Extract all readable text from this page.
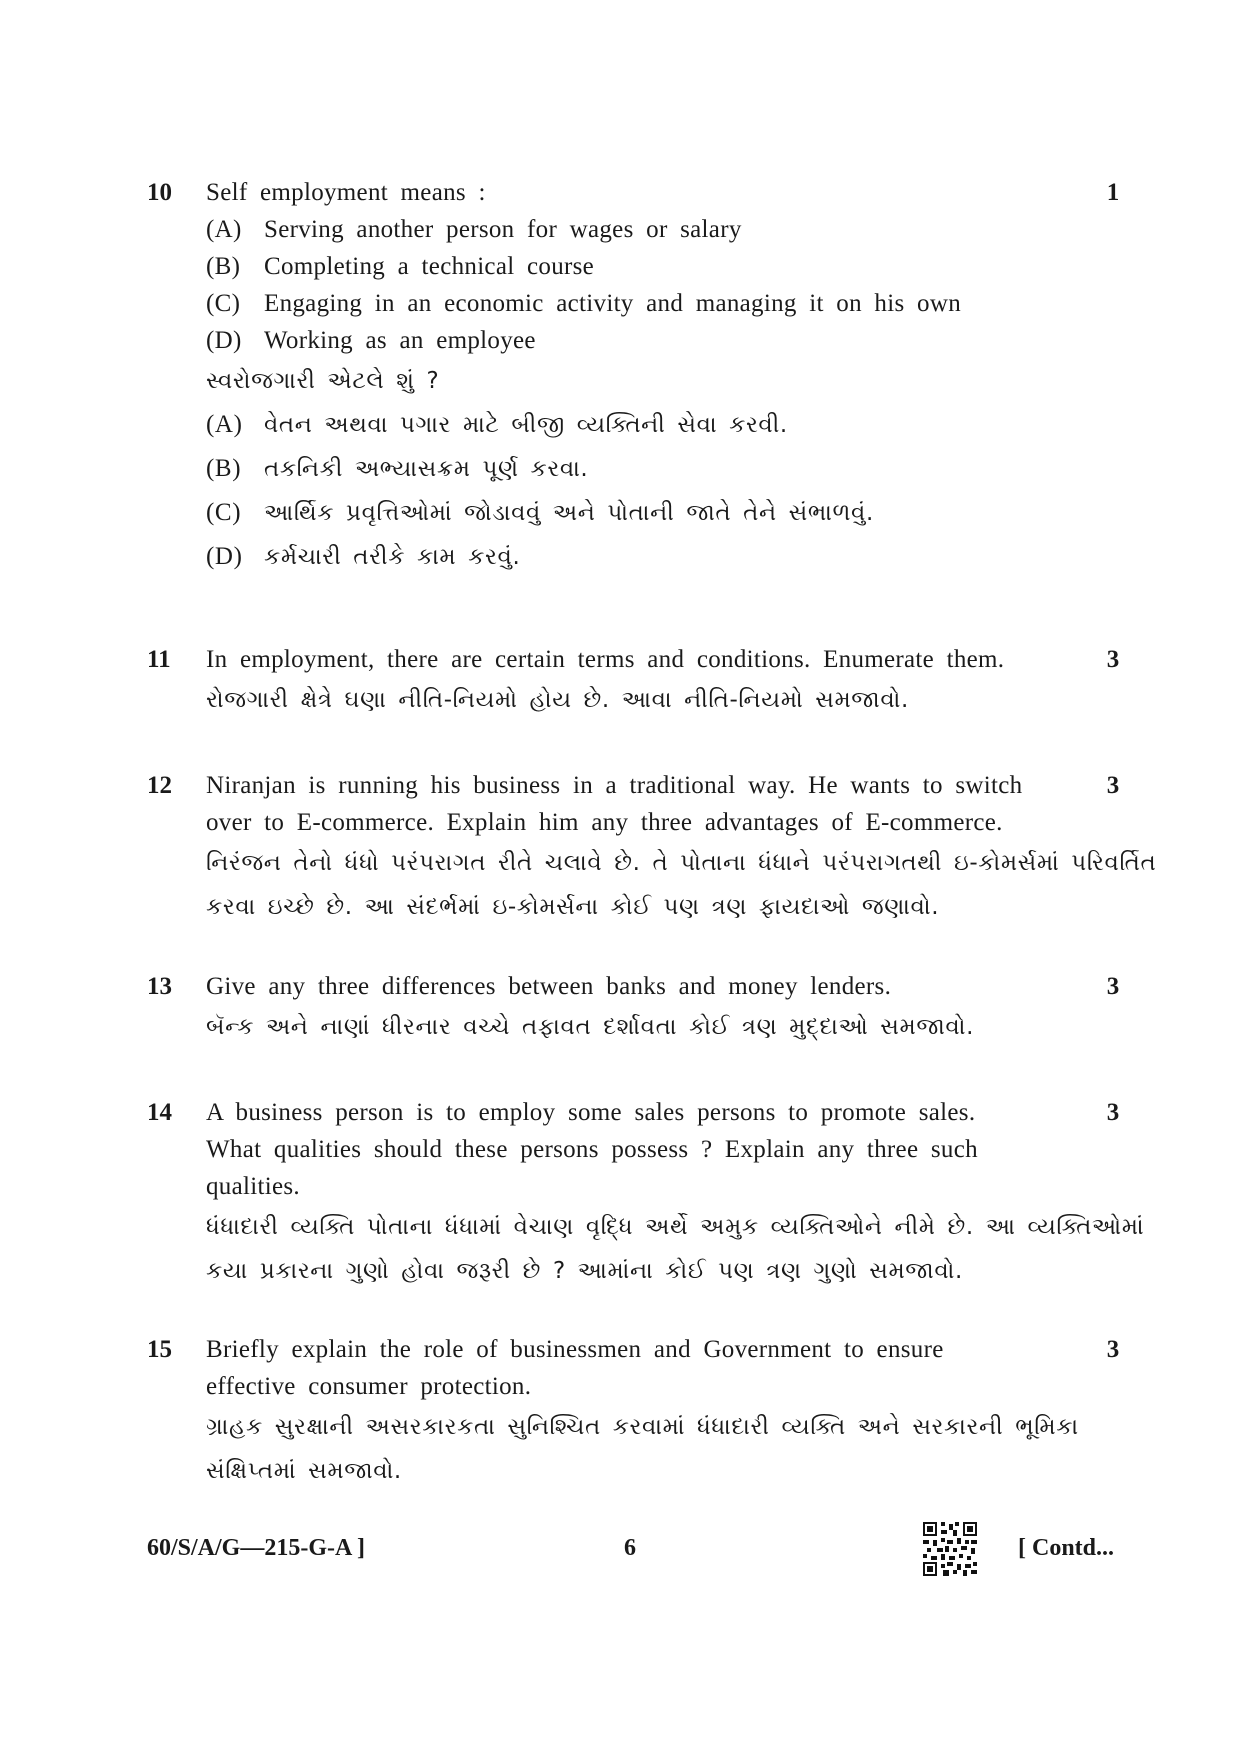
10	1
Self employment means :
(A) Serving another person for wages or salary
(B) Completing a technical course
(C) Engaging in an economic activity and managing it on his own
(D) Working as an employee
સ્વરોજગારી એટલે શું ?
(A) વેતન અથવા પગાર માટે બીજી વ્યક્તિની સેવા કરવી.
(B) તકનિકી અભ્યાસક્રમ પૂર્ણ કરવા.
(C) આર્થિક પ્રવૃત્તિઓમાં જોડાવવું અને પોતાની જાતે તેને સંભાળવું.
(D) કર્મચારી તરીકે કામ કરવું.
11	3
In employment, there are certain terms and conditions. Enumerate them.
રોજગારી ક્ષેત્રે ઘણા નીતિ-નિયમો હોય છે. આવા નીતિ-નિયમો સમજાવો.
12	3
Niranjan is running his business in a traditional way. He wants to switch
over to E-commerce. Explain him any three advantages of E-commerce.
નિરંજન તેનો ધંધો પરંપરાગત રીતે ચલાવે છે. તે પોતાના ધંધાને પરંપરાગતથી ઇ-કોમર્સમાં પરિવર્તિત
કરવા ઇચ્છે છે. આ સંદર્ભમાં ઇ-કોમર્સના કોઈ પણ ત્રણ ફાયદાઓ જણાવો.
13	3
Give any three differences between banks and money lenders.
બૅન્ક અને નાણાં ધીરનાર વચ્ચે તફાવત દર્શાવતા કોઈ ત્રણ મુદ્દાઓ સમજાવો.
14	3
A business person is to employ some sales persons to promote sales.
What qualities should these persons possess ? Explain any three such
qualities.
ધંધાદારી વ્યક્તિ પોતાના ધંધામાં વેચાણ વૃદ્ધિ અર્થે અમુક વ્યક્તિઓને નીમે છે. આ વ્યક્તિઓમાં
કયા પ્રકારના ગુણો હોવા જરૂરી છે ? આમાંના કોઈ પણ ત્રણ ગુણો સમજાવો.
15	3
Briefly explain the role of businessmen and Government to ensure
effective consumer protection.
ગ્રાહક સુરક્ષાની અસરકારકતા સુનિશ્ચિત કરવામાં ધંધાદારી વ્યક્તિ અને સરકારની ભૂમિકા
સંક્ષિપ્તમાં સમજાવો.
60/S/A/G—215-G-A ]	6	[ Contd...
